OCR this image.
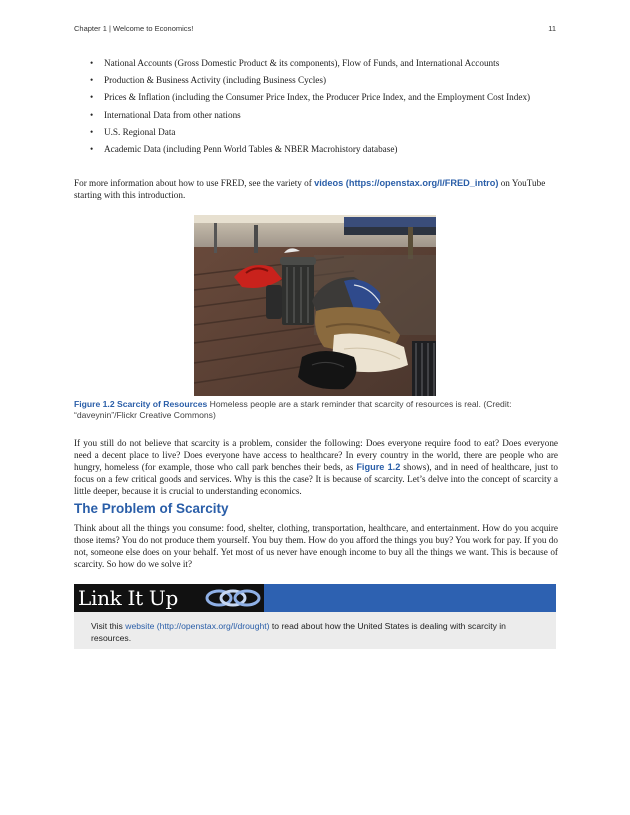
Chapter 1 | Welcome to Economics!	11
• National Accounts (Gross Domestic Product & its components), Flow of Funds, and International Accounts
• Production & Business Activity (including Business Cycles)
• Prices & Inflation (including the Consumer Price Index, the Producer Price Index, and the Employment Cost Index)
• International Data from other nations
• U.S. Regional Data
• Academic Data (including Penn World Tables & NBER Macrohistory database)

For more information about how to use FRED, see the variety of videos (https://openstax.org/l/FRED_intro) on YouTube starting with this introduction.

Figure 1.2 Scarcity of Resources Homeless people are a stark reminder that scarcity of resources is real. (Credit: “daveynin”/Flickr Creative Commons)

If you still do not believe that scarcity is a problem, consider the following: Does everyone require food to eat? Does everyone need a decent place to live? Does everyone have access to healthcare? In every country in the world, there are people who are hungry, homeless (for example, those who call park benches their beds, as Figure 1.2 shows), and in need of healthcare, just to focus on a few critical goods and services. Why is this the case? It is because of scarcity. Let’s delve into the concept of scarcity a little deeper, because it is crucial to understanding economics.

The Problem of Scarcity

Think about all the things you consume: food, shelter, clothing, transportation, healthcare, and entertainment. How do you acquire those items? You do not produce them yourself. You buy them. How do you afford the things you buy? You work for pay. If you do not, someone else does on your behalf. Yet most of us never have enough income to buy all the things we want. This is because of scarcity. So how do we solve it?

Link It Up

Visit this website (http://openstax.org/l/drought) to read about how the United States is dealing with scarcity in resources.
